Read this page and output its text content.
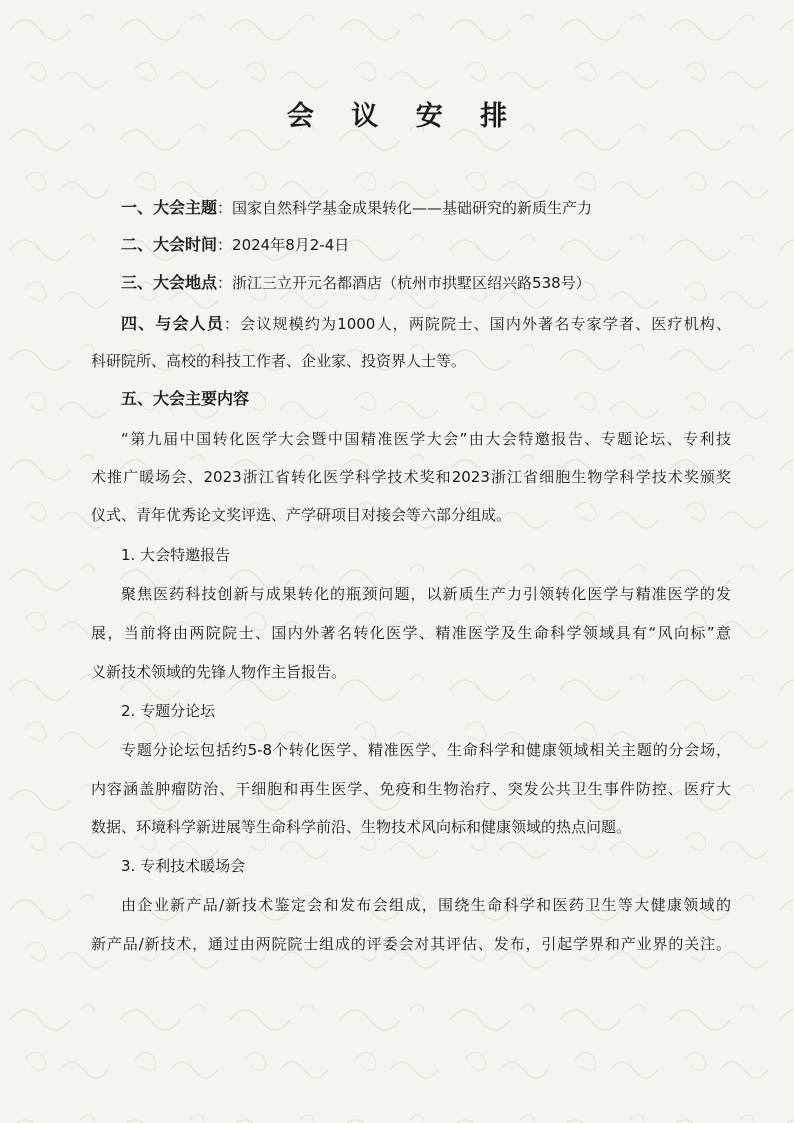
会 议 安 排
一、大会主题：国家自然科学基金成果转化——基础研究的新质生产力
二、大会时间：2024年8月2-4日
三、大会地点：浙江三立开元名都酒店（杭州市拱墅区绍兴路538号）
四、与会人员：会议规模约为1000人，两院院士、国内外著名专家学者、医疗机构、
科研院所、高校的科技工作者、企业家、投资界人士等。
五、大会主要内容
“第九届中国转化医学大会暨中国精准医学大会”由大会特邀报告、专题论坛、专利技
术推广暖场会、2023浙江省转化医学科学技术奖和2023浙江省细胞生物学科学技术奖颁奖
仪式、青年优秀论文奖评选、产学研项目对接会等六部分组成。
1. 大会特邀报告
聚焦医药科技创新与成果转化的瓶颈问题，以新质生产力引领转化医学与精准医学的发
展，当前将由两院院士、国内外著名转化医学、精准医学及生命科学领域具有“风向标”意
义新技术领域的先锋人物作主旨报告。
2. 专题分论坛
专题分论坛包括约5-8个转化医学、精准医学、生命科学和健康领域相关主题的分会场，
内容涵盖肿瘤防治、干细胞和再生医学、免疫和生物治疗、突发公共卫生事件防控、医疗大
数据、环境科学新进展等生命科学前沿、生物技术风向标和健康领域的热点问题。
3. 专利技术暖场会
由企业新产品/新技术鉴定会和发布会组成，围绕生命科学和医药卫生等大健康领域的
新产品/新技术，通过由两院院士组成的评委会对其评估、发布，引起学界和产业界的关注。
